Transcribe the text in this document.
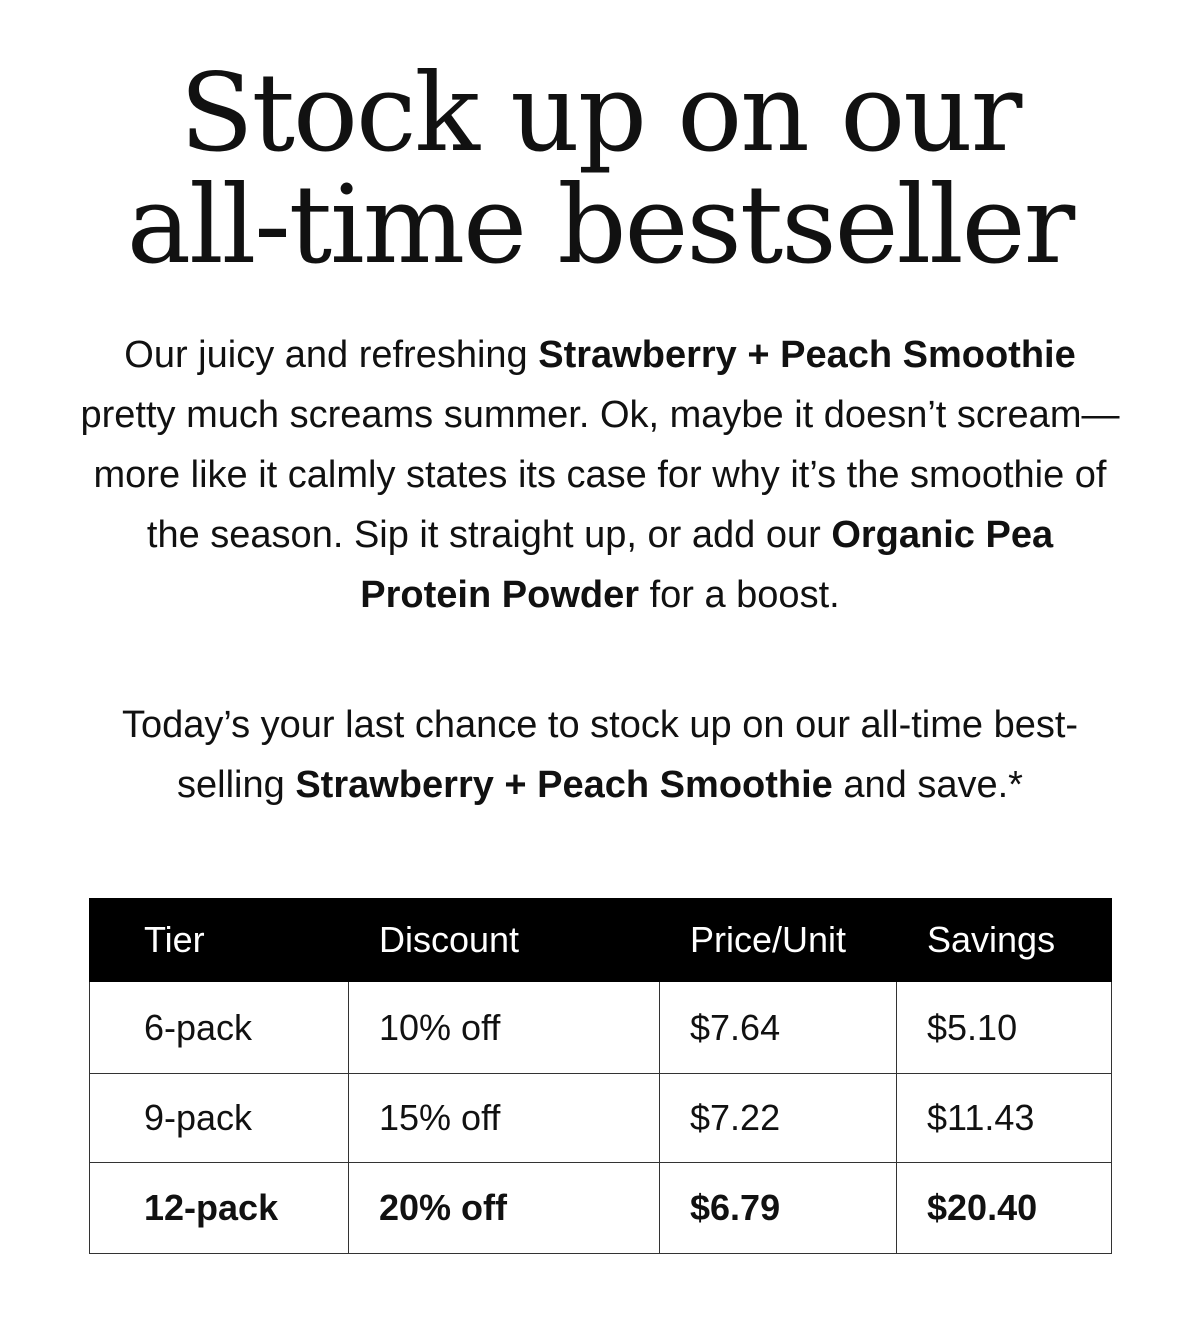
Stock up on our
all-time bestseller

Our juicy and refreshing Strawberry + Peach Smoothie pretty much screams summer. Ok, maybe it doesn’t scream—more like it calmly states its case for why it’s the smoothie of the season. Sip it straight up, or add our Organic Pea Protein Powder for a boost.

Today’s your last chance to stock up on our all-time best-selling Strawberry + Peach Smoothie and save.*

Tier	Discount	Price/Unit	Savings
6-pack	10% off	$7.64	$5.10
9-pack	15% off	$7.22	$11.43
12-pack	20% off	$6.79	$20.40
